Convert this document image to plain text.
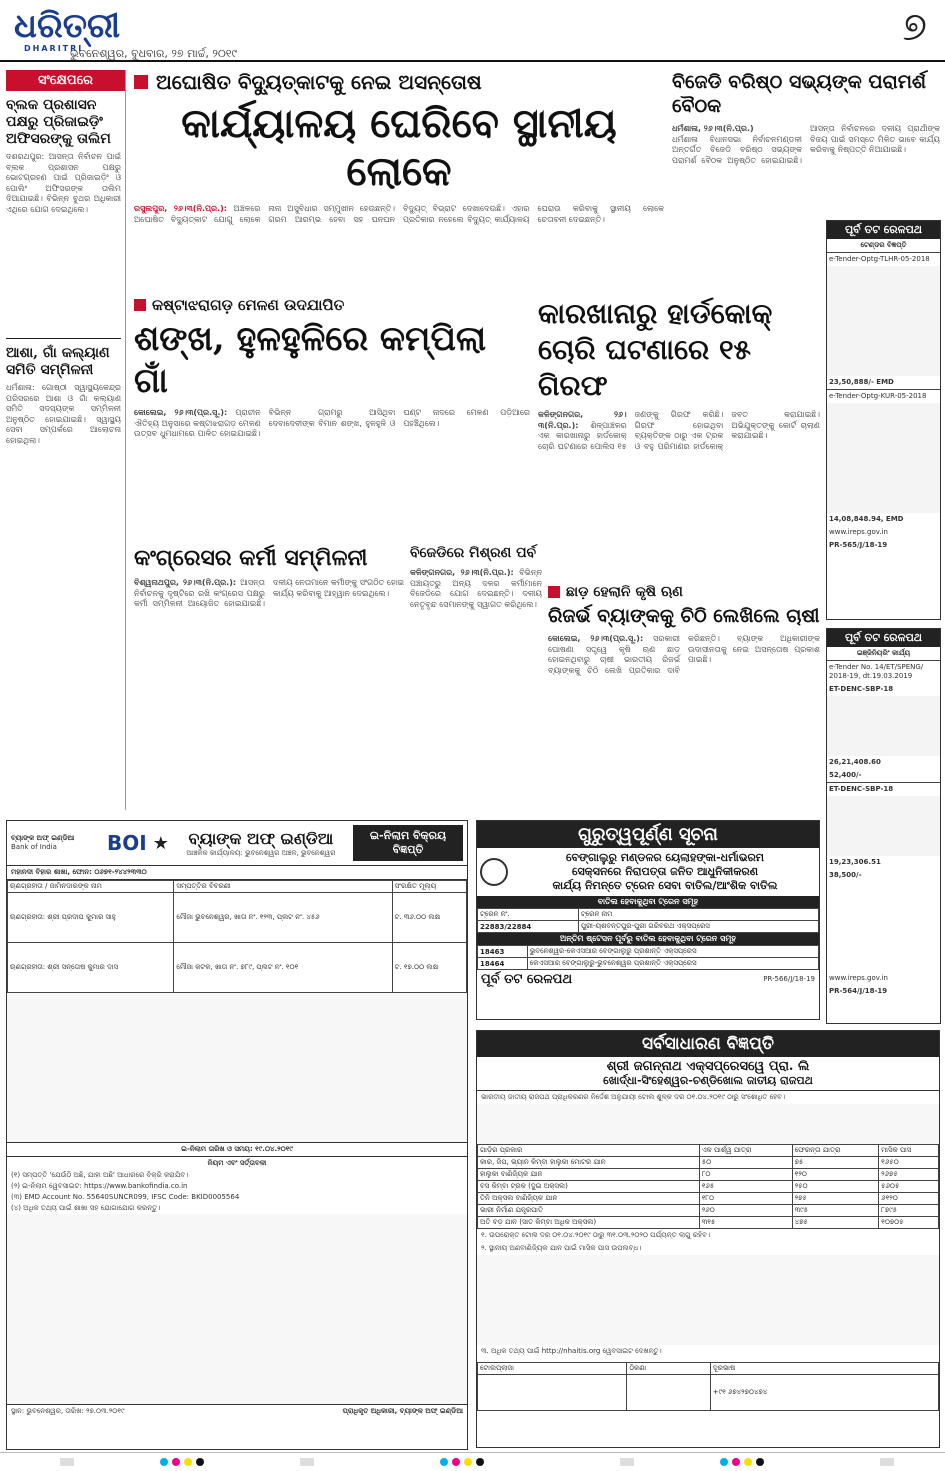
ଧରିତ୍ରୀ
DHARITRI
ଭୁବନେଶ୍ୱର, ବୁଧବାର, ୨୭ ମାର୍ଚ୍ଚ, ୨୦୧୯
୭
ସଂକ୍ଷେପରେ
ବ୍ଲକ ପ୍ରଶାସନ ପକ୍ଷରୁ ପ୍ରିଜାଇଡ଼ିଂ ଅଫିସରଙ୍କୁ ତାଲିମ
ଦଶରଥପୁର: ଆସନ୍ତା ନିର୍ବାଚନ ପାଇଁ ବ୍ଲକ ପ୍ରଶାସନ ପକ୍ଷରୁ ଭୋଟଗ୍ରହଣ ପାଇଁ ପ୍ରିଜାଇଡ଼ିଂ ଓ ପୋଲିଂ ଅଫିସରଙ୍କ ତାଲିମ ଦିଆଯାଇଛି। ବିଭିନ୍ନ ବୁଥର ଅଧିକାରୀ ଏଥିରେ ଯୋଗ ଦେଇଥିଲେ।
ଆଶା, ଗାଁ କଲ୍ୟାଣ ସମିତି ସମ୍ମିଳନୀ
ଧର୍ମଶାଳା: ଗୋଷ୍ଠୀ ସ୍ୱାସ୍ଥ୍ୟକେନ୍ଦ୍ର ପରିସରରେ ଆଶା ଓ ଗାଁ କଲ୍ୟାଣ ସମିତି ସଦସ୍ୟଙ୍କ ସମ୍ମିଳନୀ ଅନୁଷ୍ଠିତ ହୋଇଯାଇଛି। ସ୍ୱାସ୍ଥ୍ୟ ସେବା ସମ୍ପର୍କରେ ଆଲୋଚନା ହୋଇଥିଲା।
ଅଘୋଷିତ ବିଦ୍ୟୁତ୍‌କାଟକୁ ନେଇ ଅସନ୍ତୋଷ
କାର୍ଯ୍ୟାଳୟ ଘେରିବେ ସ୍ଥାନୀୟ ଲୋକେ
ରସୁଲପୁର, ୨୬।୩(ନି.ପ୍ର.): ଅଞ୍ଚଳରେ ଅଘୋଷିତ ବିଦ୍ୟୁତ୍‌କାଟ ଯୋଗୁ ଲୋକେ ନାନା ଅସୁବିଧାର ସମ୍ମୁଖୀନ ହେଉଛନ୍ତି। ଗରମ ଆରମ୍ଭ ହେବା ସହ ଘନଘନ ବିଦ୍ୟୁତ୍ ବିଭ୍ରାଟ ଦେଖାଦେଉଛି। ଏହାର ପ୍ରତିକାର ନହେଲେ ବିଦ୍ୟୁତ୍ କାର୍ଯ୍ୟାଳୟ ଘେରାଉ କରିବାକୁ ସ୍ଥାନୀୟ ଲୋକେ ଚେତାବନୀ ଦେଇଛନ୍ତି।
ବିଜେଡି ବରିଷ୍ଠ ସଭ୍ୟଙ୍କ ପରାମର୍ଶ ବୈଠକ
ଧର୍ମଶାଳା, ୨୬।୩(ନି.ପ୍ର.)

ଧର୍ମଶାଳା ବିଧାନସଭା ନିର୍ବାଚନମଣ୍ଡଳୀ ଅନ୍ତର୍ଗତ ବିଜେଡି ବରିଷ୍ଠ ସଭ୍ୟଙ୍କ ପରାମର୍ଶ ବୈଠକ ଅନୁଷ୍ଠିତ ହୋଇଯାଇଛି। ଆସନ୍ତା ନିର୍ବାଚନରେ ଦଳୀୟ ପ୍ରାର୍ଥୀଙ୍କ ବିଜୟ ପାଇଁ ସମସ୍ତେ ମିଳିତ ଭାବେ କାର୍ଯ୍ୟ କରିବାକୁ ନିଷ୍ପତ୍ତି ନିଆଯାଇଛି।

ପୂର୍ବ ତଟ ରେଳପଥ
ଟେଣ୍ଡର ବିଜ୍ଞପ୍ତି
e-Tender-Optg-TLHR-05-2018
23,50,888/- EMD
e-Tender-Optg-KUR-05-2018
14,08,848.94, EMD
www.ireps.gov.in
PR-565/J/18-19
କଷ୍ଟାଝରାଗଡ଼ ମେଳଣ ଉଦଯାପିତ
ଶଙ୍ଖ, ହୁଳହୁଳିରେ କମ୍ପିଲା ଗାଁ
କୋଲେଇ, ୨୬।୩(ପ୍ର.ସୂ.): ପ୍ରାଚୀନ ଐତିହ୍ୟ ଅନୁସାରେ କଷ୍ଟାଝରାଗଡ଼ ମେଳଣ ଉତ୍ସବ ଧୁମଧାମରେ ପାଳିତ ହୋଇଯାଇଛି। ବିଭିନ୍ନ ଗ୍ରାମରୁ ଆସିଥିବା ଦେବାଦେବୀଙ୍କ ବିମାନ ଶଙ୍ଖ, ହୁଳହୁଳି ଓ ଘଣ୍ଟ ନାଦରେ ମେଳଣ ପଡ଼ିଆରେ ପହଞ୍ଚିଥିଲେ।
କାରଖାନାରୁ ହାର୍ଡକୋକ୍ ଚୋରି ଘଟଣାରେ ୧୫ ଗିରଫ
କଳିଙ୍ଗନଗର, ୨୬।୩(ନି.ପ୍ର.): ଶିଳ୍ପାଞ୍ଚଳର ଏକ କାରଖାନାରୁ ହାର୍ଡକୋକ୍ ଚୋରି ଘଟଣାରେ ପୋଲିସ ୧୫ ଜଣଙ୍କୁ ଗିରଫ କରିଛି। ଗିରଫ ହୋଇଥିବା ବ୍ୟକ୍ତିଙ୍କ ଠାରୁ ଏକ ଟ୍ରକ ଓ ବହୁ ପରିମାଣର ହାର୍ଡକୋକ୍ ଜବତ କରାଯାଇଛି। ଅଭିଯୁକ୍ତଙ୍କୁ କୋର୍ଟ ଚାଲାଣ କରାଯାଇଛି।
କଂଗ୍ରେସର କର୍ମୀ ସମ୍ମିଳନୀ
ବିଶ୍ୱନାଥପୁର, ୨୬।୩(ନି.ପ୍ର.): ଆସନ୍ତା ନିର୍ବାଚନକୁ ଦୃଷ୍ଟିରେ ରଖି କଂଗ୍ରେସ ପକ୍ଷରୁ କର୍ମୀ ସମ୍ମିଳନୀ ଆୟୋଜିତ ହୋଇଯାଇଛି। ଦଳୀୟ ନେତାମାନେ କର୍ମୀଙ୍କୁ ସଂଗଠିତ ହୋଇ କାର୍ଯ୍ୟ କରିବାକୁ ଆହ୍ୱାନ ଦେଇଥିଲେ।
ବିଜେଡିରେ ମିଶ୍ରଣ ପର୍ବ
କଳିଙ୍ଗନଗର, ୨୬।୩(ନି.ପ୍ର.): ବିଭିନ୍ନ ପଞ୍ଚାୟତରୁ ଅନ୍ୟ ଦଳର କର୍ମୀମାନେ ବିଜେଡିରେ ଯୋଗ ଦେଇଛନ୍ତି। ଦଳୀୟ ନେତୃବୃନ୍ଦ ସେମାନଙ୍କୁ ସ୍ୱାଗତ କରିଥିଲେ।
ଛାଡ଼ ହେଲାନି କୃଷି ଋଣ
ରିଜର୍ଭ ବ୍ୟାଙ୍କକୁ ଚିଠି ଲେଖିଲେ ଚାଷୀ
କୋଲେଇ, ୨୬।୩(ପ୍ର.ସୂ.): ସରକାରୀ ଘୋଷଣା ସତ୍ତ୍ୱେ କୃଷି ଋଣ ଛାଡ଼ ହୋଇନଥିବାରୁ ଚାଷୀ ଭାରତୀୟ ରିଜର୍ଭ ବ୍ୟାଙ୍କକୁ ଚିଠି ଲେଖି ପ୍ରତିକାର ଦାବି କରିଛନ୍ତି। ବ୍ୟାଙ୍କ ଅଧିକାରୀଙ୍କ ଉଦାସୀନତାକୁ ନେଇ ଅସନ୍ତୋଷ ପ୍ରକାଶ ପାଇଛି।
ପୂର୍ବ ତଟ ରେଳପଥ
ଇଞ୍ଜିନିୟରିଂ କାର୍ଯ୍ୟ
e-Tender No. 14/ET/SPENG/ 2018-19, dt.19.03.2019
ET-DENC-SBP-18
26,21,408.60
52,400/-
ET-DENC-SBP-18
19,23,306.51
38,500/-
www.ireps.gov.in
PR-564/J/18-19
ବ୍ୟାଙ୍କ ଅଫ୍ ଇଣ୍ଡିଆ
Bank of India	BOI ★	ବ୍ୟାଙ୍କ ଅଫ୍ ଇଣ୍ଡିଆ
ଆଞ୍ଚଳିକ କାର୍ଯ୍ୟାଳୟ: ଭୁବନେଶ୍ୱର ଅଞ୍ଚଳ, ଭୁବନେଶ୍ୱର
ଇ-ନିଲାମ ବିକ୍ରୟ ବିଜ୍ଞପ୍ତି
ମହାନଦୀ ବିହାର ଶାଖା, ଫୋନ: ୦୬୭୧-୨୪୪୨୩୩୦
ଋଣଗ୍ରହୀତା / ଜାମିନଦାରଙ୍କ ନାମ	ସମ୍ପତ୍ତିର ବିବରଣୀ	ସଂରକ୍ଷିତ ମୂଲ୍ୟ
ଋଣଗ୍ରହୀତା: ଶ୍ରୀ ପ୍ରଦୀପ କୁମାର ସାହୁ	ମୌଜା ଭୁବନେଶ୍ୱର, ଖାତା ନଂ. ୧୨୩, ପ୍ଲଟ ନଂ. ୪୫୬	ଟ. ୩୬.୦୦ ଲକ୍ଷ
ଋଣଗ୍ରହୀତା: ଶ୍ରୀ ସନ୍ତୋଷ କୁମାର ଦାସ	ମୌଜା କଟକ, ଖାତା ନଂ. ୭୮୯, ପ୍ଲଟ ନଂ. ୧୦୧	ଟ. ୧୭.୦୦ ଲକ୍ଷ
ଇ-ନିଲାମ ତାରିଖ ଓ ସମୟ: ୧୯.୦୪.୨୦୧୯
ନିୟମ ଏବଂ ସର୍ତ୍ତାବଳୀ
(୧) ସମ୍ପତ୍ତି 'ଯେଉଁଠି ଅଛି, ଯାହା ଅଛି' ଆଧାରରେ ବିକ୍ରି କରାଯିବ।
(୨) ଇ-ନିଲାମ ୱେବସାଇଟ: https://www.bankofindia.co.in
(୩) EMD Account No. 55640SUNCR099, IFSC Code: BKID0005564
(୪) ଅଧିକ ତଥ୍ୟ ପାଇଁ ଶାଖା ସହ ଯୋଗାଯୋଗ କରନ୍ତୁ।
ସ୍ଥାନ: ଭୁବନେଶ୍ୱର, ତାରିଖ: ୨୭.୦୩.୨୦୧୯	ପ୍ରାଧିକୃତ ଅଧିକାରୀ, ବ୍ୟାଙ୍କ ଅଫ୍ ଇଣ୍ଡିଆ
ଗୁରୁତ୍ୱପୂର୍ଣ୍ଣ ସୂଚନା
ବେଙ୍ଗାଲୁରୁ ମଣ୍ଡଳର ୟେଲାହଙ୍କା-ଧର୍ମାଭରମ
ସେକ୍ସନରେ ନିରାପତ୍ତା ଜନିତ ଆଧୁନିକୀକରଣ
କାର୍ଯ୍ୟ ନିମନ୍ତେ ଟ୍ରେନ ସେବା ବାତିଲ/ଆଂଶିକ ବାତିଲ
ବାତିଲ ହେବାକୁଥିବା ଟ୍ରେନ ସମୂହ
ଟ୍ରେନ ନଂ.	ଟ୍ରେନ ନାମ
22883/22884	ପୁରୀ-ୟଶବନ୍ତପୁର-ପୁରୀ ଗରିବରଥ ଏକ୍ସପ୍ରେସ
ଅନ୍ତିମ ଷ୍ଟେସନ ପୂର୍ବରୁ ବାତିଲ ହେବାକୁଥିବା ଟ୍ରେନ ସମୂହ
18463	ଭୁବନେଶ୍ୱର-କେଏସଆର ବେଙ୍ଗାଲୁରୁ ପ୍ରଶାନ୍ତି ଏକ୍ସପ୍ରେସ
18464	କେଏସଆର ବେଙ୍ଗାଲୁରୁ-ଭୁବନେଶ୍ୱର ପ୍ରଶାନ୍ତି ଏକ୍ସପ୍ରେସ
ପୂର୍ବ ତଟ ରେଳପଥ	PR-566/J/18-19
ସର୍ବସାଧାରଣ ବିଜ୍ଞପ୍ତି
ଶ୍ରୀ ଜଗନ୍ନାଥ ଏକ୍ସପ୍ରେସୱେ ପ୍ରା. ଲି
ଖୋର୍ଦ୍ଧା-ସିଂହେଶ୍ୱର-ଚଣ୍ଡିଖୋଲ ଜାତୀୟ ରାଜପଥ
ଭାରତୀୟ ଜାତୀୟ ରାଜପଥ ପ୍ରାଧିକରଣର ନିର୍ଦ୍ଦେଶ ଅନୁଯାୟୀ ଟୋଲ ଶୁଳ୍କ ଦର ୦୧.୦୪.୨୦୧୯ ଠାରୁ ସଂଶୋଧିତ ହେବ।
ଗାଡ଼ିର ପ୍ରକାର	ଏକ ପାର୍ଶ୍ୱ ଯାତ୍ରା	ଫେରନ୍ତା ଯାତ୍ରା	ମାସିକ ପାସ
କାର, ଜିପ, ଭ୍ୟାନ କିମ୍ବା ହାଲୁକା ମୋଟର ଯାନ	୫୦	୭୫	୧୬୫୦
ହାଲୁକା ବାଣିଜ୍ୟିକ ଯାନ	୮୦	୧୨୦	୨୬୭୫
ବସ କିମ୍ବା ଟ୍ରକ (ଦୁଇ ଅକ୍ସଲ)	୧୬୫	୨୫୦	୫୬୦୫
ତିନି ଅକ୍ସଲ ବାଣିଜ୍ୟିକ ଯାନ	୧୮୦	୨୭୫	୬୧୨୦
ଭାରୀ ନିର୍ମାଣ ଯନ୍ତ୍ରପାତି	୨୬୦	୩୯୫	୮୭୯୫
ଅତି ବଡ଼ ଯାନ (ସାତ କିମ୍ବା ଅଧିକ ଅକ୍ସଲ)	୩୧୫	୪୭୫	୧୦୭୦୫
୧. ଉପରୋକ୍ତ ଟୋଲ ଦର ୦୧.୦୪.୨୦୧୯ ଠାରୁ ୩୧.୦୩.୨୦୨୦ ପର୍ଯ୍ୟନ୍ତ ଲାଗୁ ରହିବ।
୨. ସ୍ଥାନୀୟ ଅଣବାଣିଜ୍ୟିକ ଯାନ ପାଇଁ ମାସିକ ପାସ ଉପଲବ୍ଧ।
୩. ଅଧିକ ତଥ୍ୟ ପାଇଁ http://nhaitis.org ୱେବସାଇଟ ଦେଖନ୍ତୁ।
ଟୋଲପ୍ଲାଜା	ଠିକଣା	ଦୂରଭାଷ
		+୯୧ ୬୭୪୨୭୦୪୭୪
